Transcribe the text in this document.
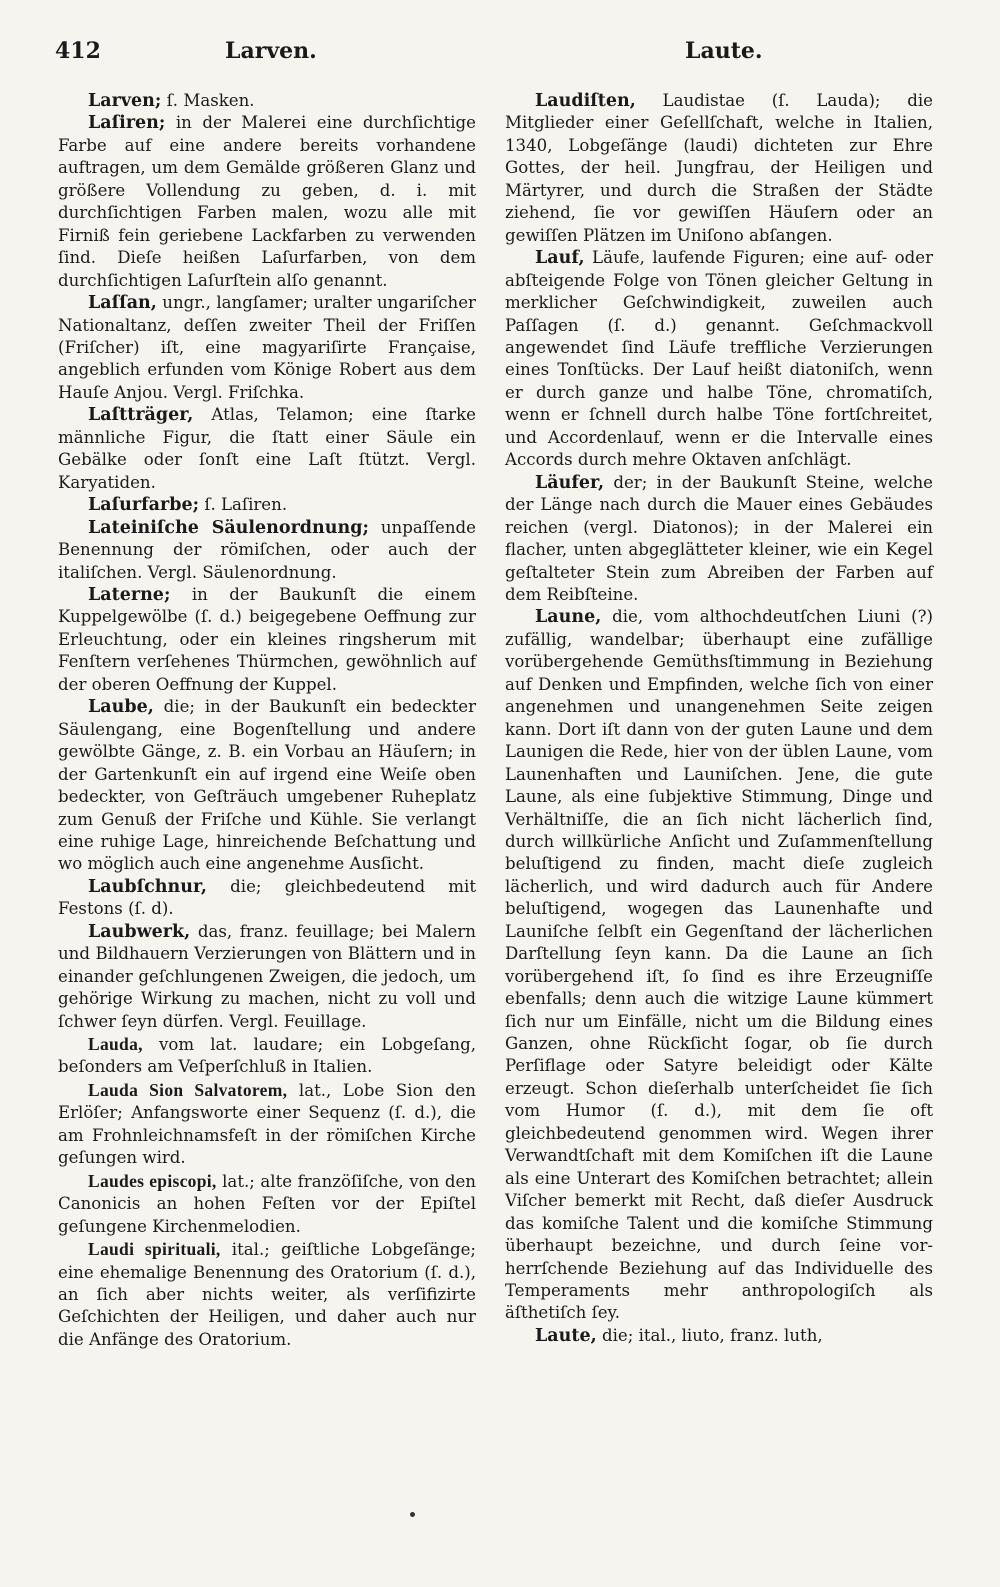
412	Larven.	Laute.

Larven; ſ. Masken.

Laſiren; in der Malerei eine durchſichtige Farbe auf eine andere bereits vorhandene auftragen, um dem Gemälde größeren Glanz und größere Vollendung zu geben, d. i. mit durchſichtigen Farben malen, wozu alle mit Firniß fein geriebene Lackfarben zu verwenden ſind. Dieſe heißen Laſurfarben, von dem durchſichtigen Laſurſtein alſo genannt.

Laſſan, ungr., langſamer; uralter ungariſcher Nationaltanz, deſſen zweiter Theil der Friſſen (Friſcher) iſt, eine magyariſirte Française, angeblich erfunden vom Könige Robert aus dem Hauſe Anjou. Vergl. Friſchka.

Laſtträger, Atlas, Telamon; eine ſtarke männliche Figur, die ſtatt einer Säule ein Gebälke oder ſonſt eine Laſt ſtützt. Vergl. Karyatiden.

Laſurfarbe; ſ. Laſiren.

Lateiniſche Säulenordnung; unpaſſende Benennung der römiſchen, oder auch der italiſchen. Vergl. Säulenordnung.

Laterne; in der Baukunſt die einem Kuppelgewölbe (ſ. d.) beigegebene Oeffnung zur Erleuchtung, oder ein kleines ringsherum mit Fenſtern verſehenes Thürmchen, gewöhnlich auf der oberen Oeffnung der Kuppel.

Laube, die; in der Baukunſt ein bedeckter Säulengang, eine Bogenſtellung und andere gewölbte Gänge, z. B. ein Vorbau an Häuſern; in der Gartenkunſt ein auf irgend eine Weiſe oben bedeckter, von Geſträuch umgebener Ruheplatz zum Genuß der Friſche und Kühle. Sie verlangt eine ruhige Lage, hinreichende Beſchattung und wo möglich auch eine angenehme Ausſicht.

Laubſchnur, die; gleichbedeutend mit Festons (ſ. d).

Laubwerk, das, franz. feuillage; bei Malern und Bildhauern Verzierungen von Blättern und in einander geſchlungenen Zweigen, die jedoch, um gehörige Wirkung zu machen, nicht zu voll und ſchwer ſeyn dürfen. Vergl. Feuillage.

Lauda, vom lat. laudare; ein Lobgeſang, beſonders am Veſperſchluß in Italien.

Lauda Sion Salvatorem, lat., Lobe Sion den Erlöſer; Anfangsworte einer Sequenz (ſ. d.), die am Frohnleichnamsfeſt in der römiſchen Kirche geſungen wird.

Laudes episcopi, lat.; alte franzöſiſche, von den Canonicis an hohen Feſten vor der Epiſtel geſungene Kirchenmelodien.

Laudi spirituali, ital.; geiſtliche Lobgeſänge; eine ehemalige Benennung des Oratorium (ſ. d.), an ſich aber nichts weiter, als verſifizirte Geſchichten der Heiligen, und daher auch nur die Anfänge des Oratorium.

Laudiſten, Laudistae (ſ. Lauda); die Mitglieder einer Geſellſchaft, welche in Italien, 1340, Lobgeſänge (laudi) dichteten zur Ehre Gottes, der heil. Jungfrau, der Heiligen und Märtyrer, und durch die Straßen der Städte ziehend, ſie vor gewiſſen Häuſern oder an gewiſſen Plätzen im Uniſono abſangen.

Lauf, Läufe, laufende Figuren; eine auf- oder abſteigende Folge von Tönen gleicher Geltung in merklicher Geſchwindigkeit, zuweilen auch Paſſagen (ſ. d.) genannt. Geſchmackvoll angewendet ſind Läufe treffliche Verzierungen eines Tonſtücks. Der Lauf heißt diatoniſch, wenn er durch ganze und halbe Töne, chromatiſch, wenn er ſchnell durch halbe Töne fortſchreitet, und Accordenlauf, wenn er die Intervalle eines Accords durch mehre Oktaven anſchlägt.

Läufer, der; in der Baukunſt Steine, welche der Länge nach durch die Mauer eines Gebäudes reichen (vergl. Diatonos); in der Malerei ein flacher, unten abgeglätteter kleiner, wie ein Kegel geſtalteter Stein zum Abreiben der Farben auf dem Reibſteine.

Laune, die, vom althochdeutſchen Liuni (?) zufällig, wandelbar; überhaupt eine zufällige vorübergehende Gemüthsſtimmung in Beziehung auf Denken und Empfinden, welche ſich von einer angenehmen und unangenehmen Seite zeigen kann. Dort iſt dann von der guten Laune und dem Launigen die Rede, hier von der üblen Laune, vom Launenhaften und Launiſchen. Jene, die gute Laune, als eine ſubjektive Stimmung, Dinge und Verhältniſſe, die an ſich nicht lächerlich ſind, durch willkürliche Anſicht und Zuſammenſtellung beluſtigend zu finden, macht dieſe zugleich lächerlich, und wird dadurch auch für Andere beluſtigend, wogegen das Launenhafte und Launiſche ſelbſt ein Gegenſtand der lächerlichen Darſtellung ſeyn kann. Da die Laune an ſich vorübergehend iſt, ſo ſind es ihre Erzeugniſſe ebenfalls; denn auch die witzige Laune kümmert ſich nur um Einfälle, nicht um die Bildung eines Ganzen, ohne Rückſicht ſogar, ob ſie durch Perſiflage oder Satyre beleidigt oder Kälte erzeugt. Schon dieſerhalb unterſcheidet ſie ſich vom Humor (ſ. d.), mit dem ſie oft gleichbedeutend genommen wird. Wegen ihrer Verwandtſchaft mit dem Komiſchen iſt die Laune als eine Unterart des Komiſchen betrachtet; allein Viſcher bemerkt mit Recht, daß dieſer Ausdruck das komiſche Talent und die komiſche Stimmung überhaupt bezeichne, und durch ſeine vorherrſchende Beziehung auf das Individuelle des Temperaments mehr anthropologiſch als äſthetiſch ſey.

Laute, die; ital., liuto, franz. luth,
